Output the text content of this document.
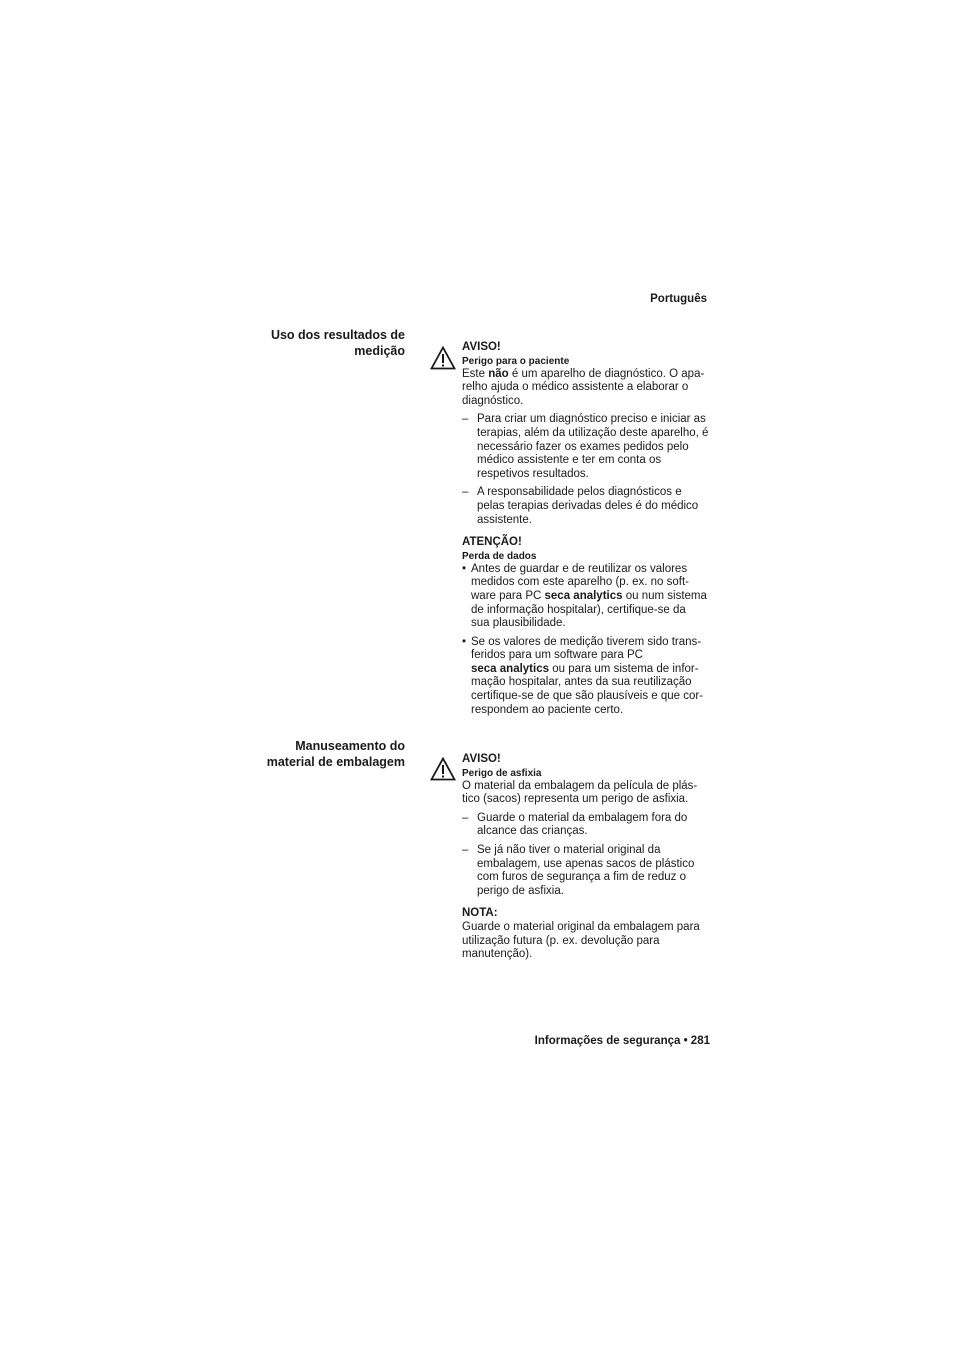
Português
Uso dos resultados de
medição	AVISO!
Perigo para o paciente

Este não é um aparelho de diagnóstico. O apa-
relho ajuda o médico assistente a elaborar o
diagnóstico.

– Para criar um diagnóstico preciso e iniciar as
terapias, além da utilização deste aparelho, é
necessário fazer os exames pedidos pelo
médico assistente e ter em conta os
respetivos resultados.
– A responsabilidade pelos diagnósticos e
pelas terapias derivadas deles é do médico
assistente.
ATENÇÃO!
Perda de dados
• Antes de guardar e de reutilizar os valores
medidos com este aparelho (p. ex. no soft-
ware para PC seca analytics ou num sistema
de informação hospitalar), certifique-se da
sua plausibilidade.
• Se os valores de medição tiverem sido trans-
feridos para um software para PC
seca analytics ou para um sistema de infor-
mação hospitalar, antes da sua reutilização
certifique-se de que são plausíveis e que cor-
respondem ao paciente certo.
Manuseamento do
material de embalagem	AVISO!
Perigo de asfixia

O material da embalagem da película de plás-
tico (sacos) representa um perigo de asfixia.

– Guarde o material da embalagem fora do
alcance das crianças.
– Se já não tiver o material original da
embalagem, use apenas sacos de plástico
com furos de segurança a fim de reduz o
perigo de asfixia.
NOTA:

Guarde o material original da embalagem para
utilização futura (p. ex. devolução para
manutenção).

Informações de segurança • 281
